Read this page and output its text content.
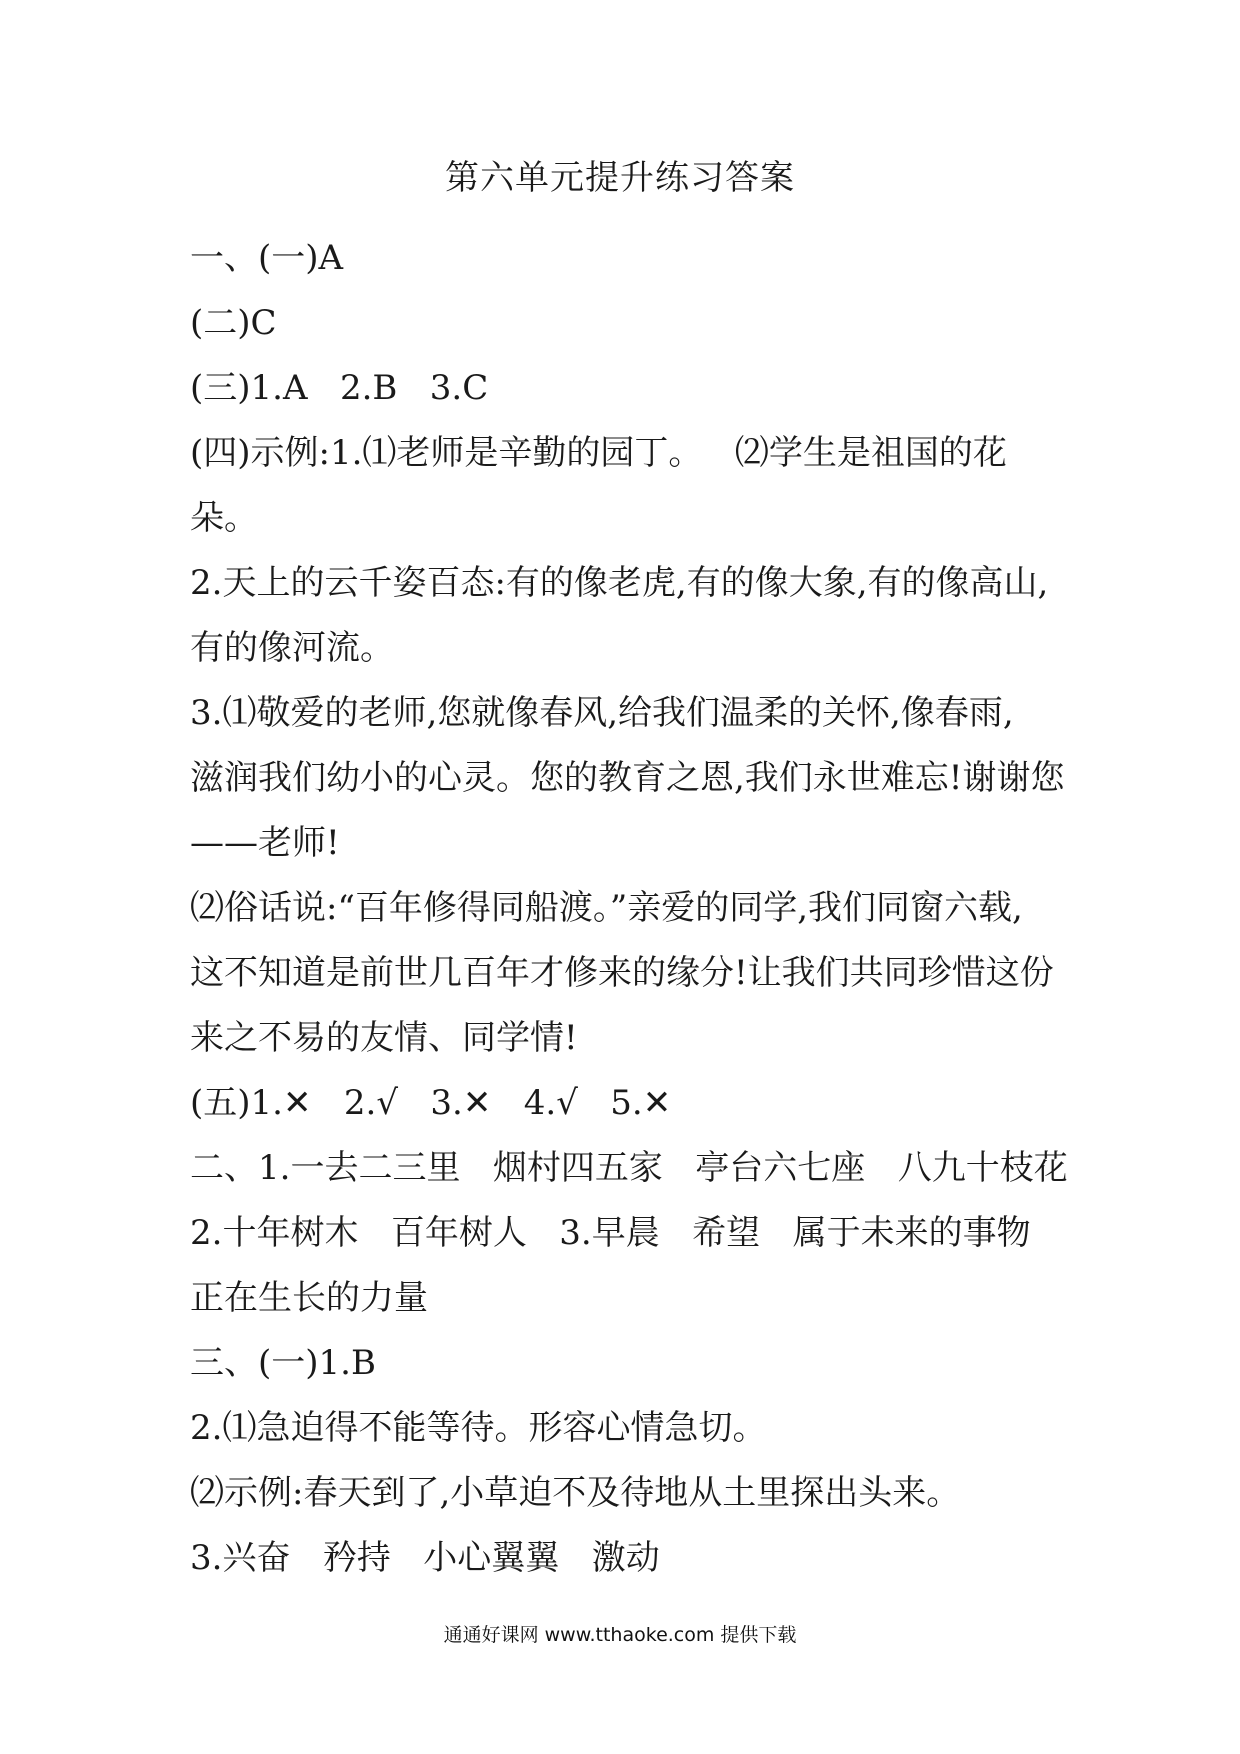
第六单元提升练习答案
一、(一)A
(二)C
(三)1.A   2.B   3.C
(四)示例:1.⑴老师是辛勤的园丁。   ⑵学生是祖国的花
朵。
2.天上的云千姿百态:有的像老虎,有的像大象,有的像高山,
有的像河流。
3.⑴敬爱的老师,您就像春风,给我们温柔的关怀,像春雨,
滋润我们幼小的心灵。您的教育之恩,我们永世难忘!谢谢您
——老师!
⑵俗话说:“百年修得同船渡。”亲爱的同学,我们同窗六载,
这不知道是前世几百年才修来的缘分!让我们共同珍惜这份
来之不易的友情、同学情!
(五)1.✕   2.√   3.✕   4.√   5.✕
二、1.一去二三里   烟村四五家   亭台六七座   八九十枝花
2.十年树木   百年树人   3.早晨   希望   属于未来的事物
正在生长的力量
三、(一)1.B
2.⑴急迫得不能等待。形容心情急切。
⑵示例:春天到了,小草迫不及待地从土里探出头来。
3.兴奋   矜持   小心翼翼   激动
通通好课网 www.tthaoke.com 提供下载
